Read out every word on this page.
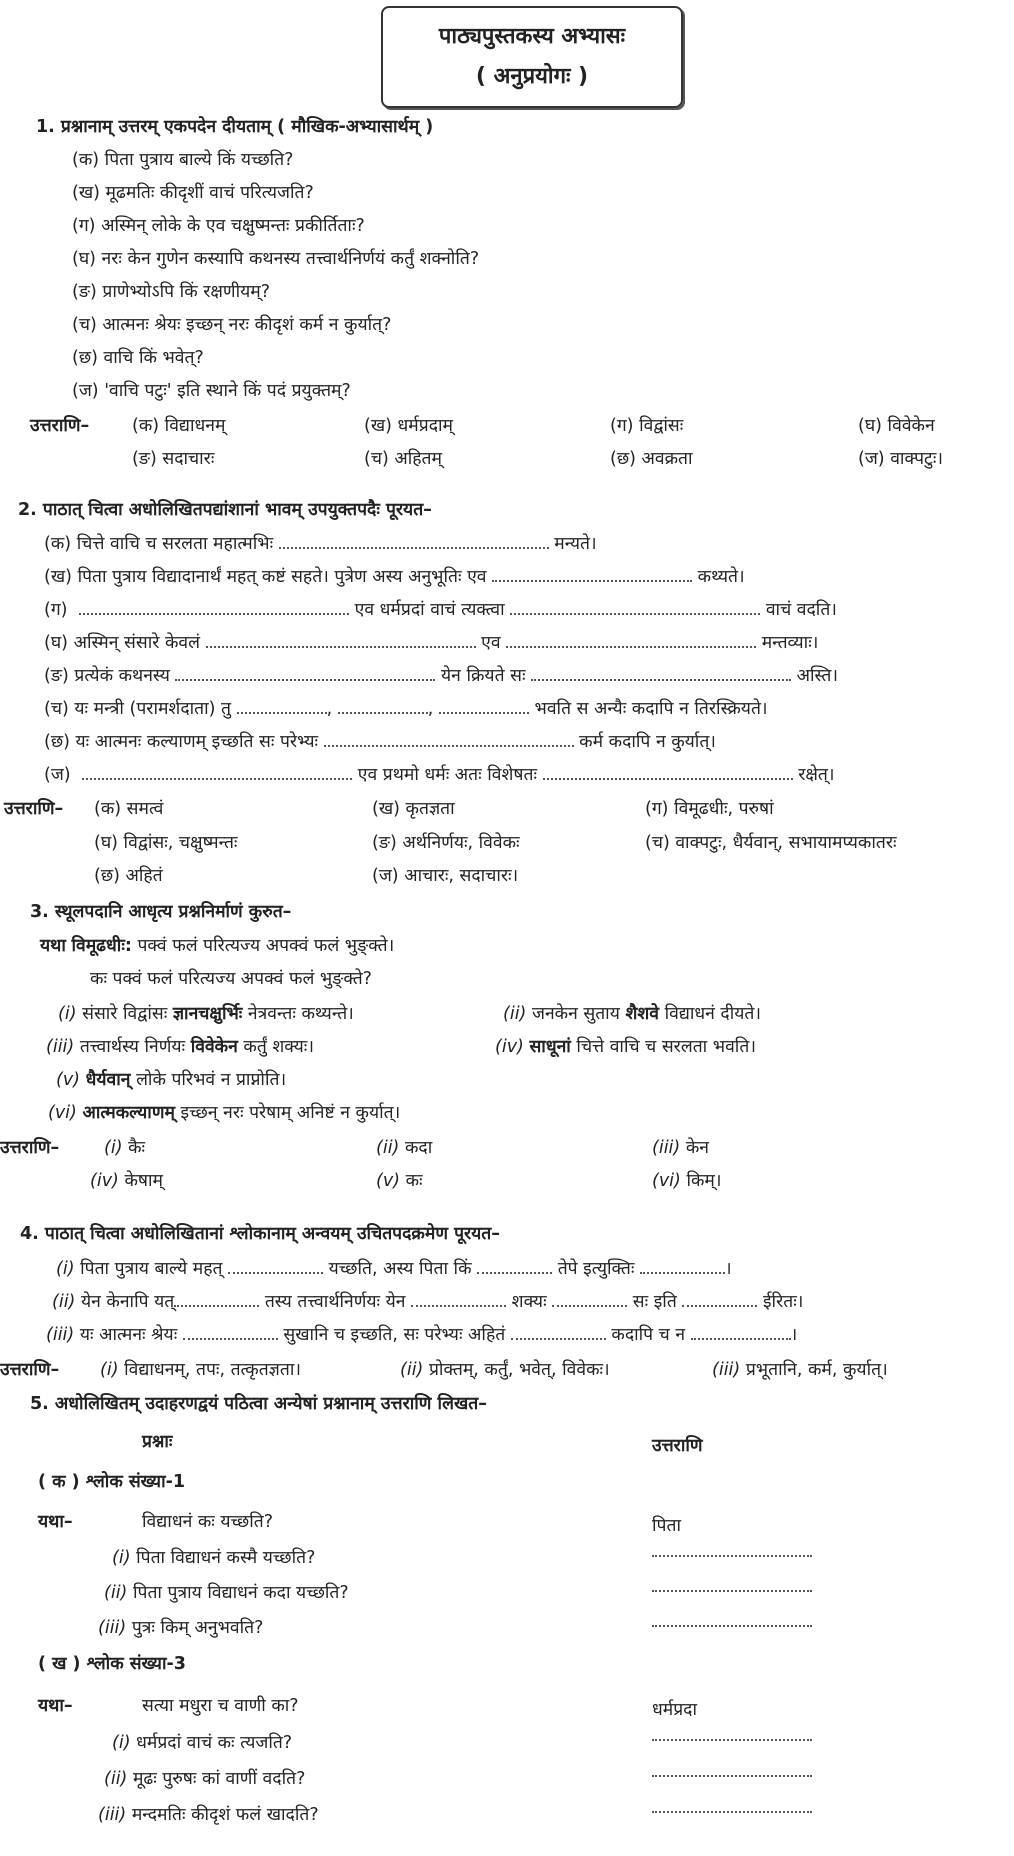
पाठ्यपुस्तकस्य अभ्यासः
( अनुप्रयोगः )
1. प्रश्नानाम् उत्तरम् एकपदेन दीयताम् ( मौखिक-अभ्यासार्थम् )
(क) पिता पुत्राय बाल्ये किं यच्छति?
(ख) मूढमतिः कीदृशीं वाचं परित्यजति?
(ग) अस्मिन् लोके के एव चक्षुष्मन्तः प्रकीर्तिताः?
(घ) नरः केन गुणेन कस्यापि कथनस्य तत्त्वार्थनिर्णयं कर्तुं शक्नोति?
(ङ) प्राणेभ्योऽपि किं रक्षणीयम्?
(च) आत्मनः श्रेयः इच्छन् नरः कीदृशं कर्म न कुर्यात्?
(छ) वाचि किं भवेत्?
(ज) 'वाचि पटुः' इति स्थाने किं पदं प्रयुक्तम्?
उत्तराणि– (क) विद्याधनम्	(ख) धर्मप्रदाम्	(ग) विद्वांसः	(घ) विवेकेन
(ङ) सदाचारः	(च) अहितम्	(छ) अवक्रता	(ज) वाक्पटुः।
2. पाठात् चित्वा अधोलिखितपद्यांशानां भावम् उपयुक्तपदैः पूरयत–
(क) चित्ते वाचि च सरलता महात्मभिः	मन्यते।
(ख) पिता पुत्राय विद्यादानार्थं महत् कष्टं सहते। पुत्रेण अस्य अनुभूतिः एव	कथ्यते।
(ग)	एव धर्मप्रदां वाचं त्यक्त्वा	वाचं वदति।
(घ) अस्मिन् संसारे केवलं	एव	मन्तव्याः।
(ङ) प्रत्येकं कथनस्य	येन क्रियते सः	अस्ति।
(च) यः मन्त्री (परामर्शदाता) तु	,	,	भवति स अन्यैः कदापि न तिरस्क्रियते।
(छ) यः आत्मनः कल्याणम् इच्छति सः परेभ्यः	कर्म कदापि न कुर्यात्।
(ज)	एव प्रथमो धर्मः अतः विशेषतः	रक्षेत्।
उत्तराणि– (क) समत्वं	(ख) कृतज्ञता	(ग) विमूढधीः, परुषां
(घ) विद्वांसः, चक्षुष्मन्तः	(ङ) अर्थनिर्णयः, विवेकः	(च) वाक्पटुः, धैर्यवान्, सभायामप्यकातरः
(छ) अहितं	(ज) आचारः, सदाचारः।
3. स्थूलपदानि आधृत्य प्रश्ननिर्माणं कुरुत–
यथा विमूढधीः: पक्वं फलं परित्यज्य अपक्वं फलं भुङ्क्ते।
कः पक्वं फलं परित्यज्य अपक्वं फलं भुङ्क्ते?
(i) संसारे विद्वांसः ज्ञानचक्षुर्भिः नेत्रवन्तः कथ्यन्ते।	(ii) जनकेन सुताय शैशवे विद्याधनं दीयते।
(iii) तत्त्वार्थस्य निर्णयः विवेकेन कर्तुं शक्यः।	(iv) साधूनां चित्ते वाचि च सरलता भवति।
(v) धैर्यवान् लोके परिभवं न प्राप्नोति।
(vi) आत्मकल्याणम् इच्छन् नरः परेषाम् अनिष्टं न कुर्यात्।
उत्तराणि–	(i) कैः	(ii) कदा	(iii) केन
(iv) केषाम्	(v) कः	(vi) किम्।
4. पाठात् चित्वा अधोलिखितानां श्लोकानाम् अन्वयम् उचितपदक्रमेण पूरयत–
(i) पिता पुत्राय बाल्ये महत्	यच्छति, अस्य पिता किं	तेपे इत्युक्तिः	।
(ii) येन केनापि यत्	तस्य तत्त्वार्थनिर्णयः येन	शक्यः	सः इति	ईरितः।
(iii) यः आत्मनः श्रेयः	सुखानि च इच्छति, सः परेभ्यः अहितं	कदापि च न	।
उत्तराणि– (i) विद्याधनम्, तपः, तत्कृतज्ञता।	(ii) प्रोक्तम्, कर्तुं, भवेत्, विवेकः।	(iii) प्रभूतानि, कर्म, कुर्यात्।
5. अधोलिखितम् उदाहरणद्वयं पठित्वा अन्येषां प्रश्नानाम् उत्तराणि लिखत–
प्रश्नाः	उत्तराणि
( क ) श्लोक संख्या-1
यथा–	विद्याधनं कः यच्छति?	पिता
(i) पिता विद्याधनं कस्मै यच्छति?
(ii) पिता पुत्राय विद्याधनं कदा यच्छति?
(iii) पुत्रः किम् अनुभवति?
( ख ) श्लोक संख्या-3
यथा–	सत्या मधुरा च वाणी का?	धर्मप्रदा
(i) धर्मप्रदां वाचं कः त्यजति?
(ii) मूढः पुरुषः कां वाणीं वदति?
(iii) मन्दमतिः कीदृशं फलं खादति?
